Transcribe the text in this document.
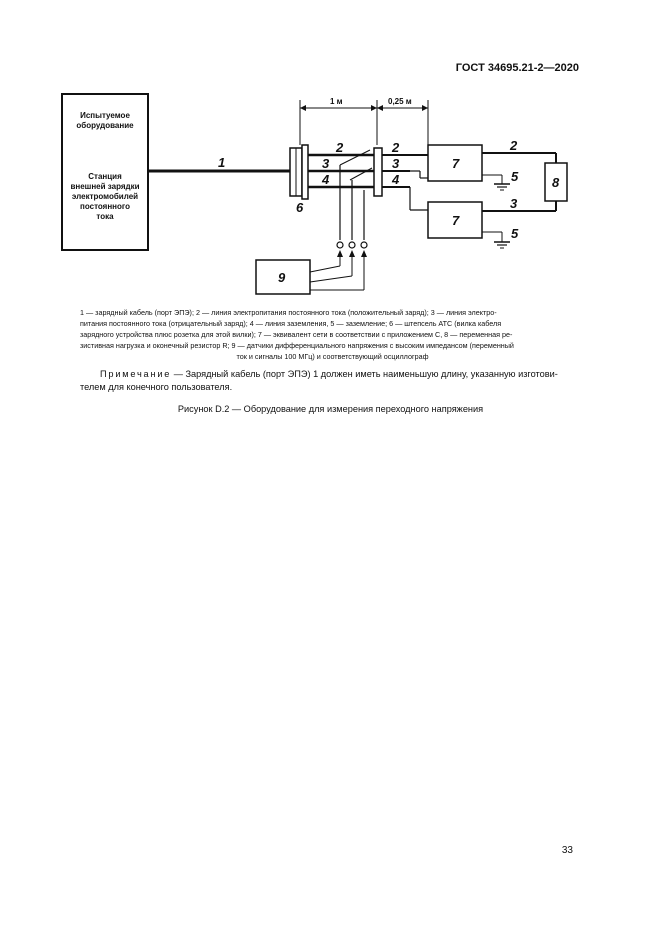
ГОСТ 34695.21-2—2020
Испытуемое
оборудование
Станция
внешней зарядки
электромобилей
постоянного
тока
1
6
1 м	0,25 м
2
3
4
2
3
4
7
7
5
5
2
3
8
9
1 — зарядный кабель (порт ЭПЭ); 2 — линия электропитания постоянного тока (положительный заряд); 3 — линия электро-
питания постоянного тока (отрицательный заряд); 4 — линия заземления, 5 — заземление; 6 — штепсель АТС (вилка кабеля
зарядного устройства плюс розетка для этой вилки); 7 — эквивалент сети в соответствии с приложением С, 8 — переменная ре-
зистивная нагрузка и оконечный резистор R; 9 — датчики дифференциального напряжения с высоким импедансом (переменный
ток и сигналы 100 МГц) и соответствующий осциллограф
Примечание — Зарядный кабель (порт ЭПЭ) 1 должен иметь наименьшую длину, указанную изготови-
телем для конечного пользователя.
Рисунок D.2 — Оборудование для измерения переходного напряжения
33
